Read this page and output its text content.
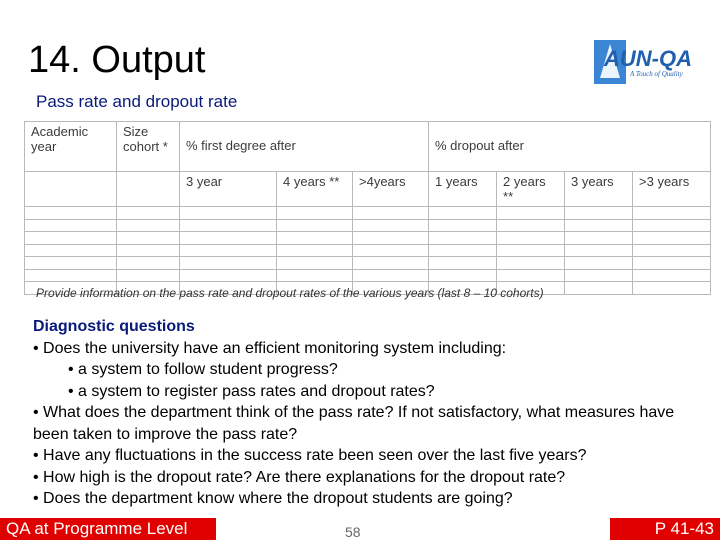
14. Output	AUN-QA
A Touch of Quality
Pass rate and dropout rate
Academic year	Size cohort *	% first degree after			% dropout after			
		3 year	4 years **	>4years	1 years	2 years **	3 years	>3 years

Provide information on the pass rate and dropout rates of the various years (last 8 – 10 cohorts)
Diagnostic questions
• Does the university have an efficient monitoring system including:
• a system to follow student progress?
• a system to register pass rates and dropout rates?
• What does the department think of the pass rate? If not satisfactory, what measures have been taken to improve the pass rate?
• Have any fluctuations in the success rate been seen over the last five years?
• How high is the dropout rate? Are there explanations for the dropout rate?
• Does the department know where the dropout students are going?
QA at Programme Level	58	P 41-43
